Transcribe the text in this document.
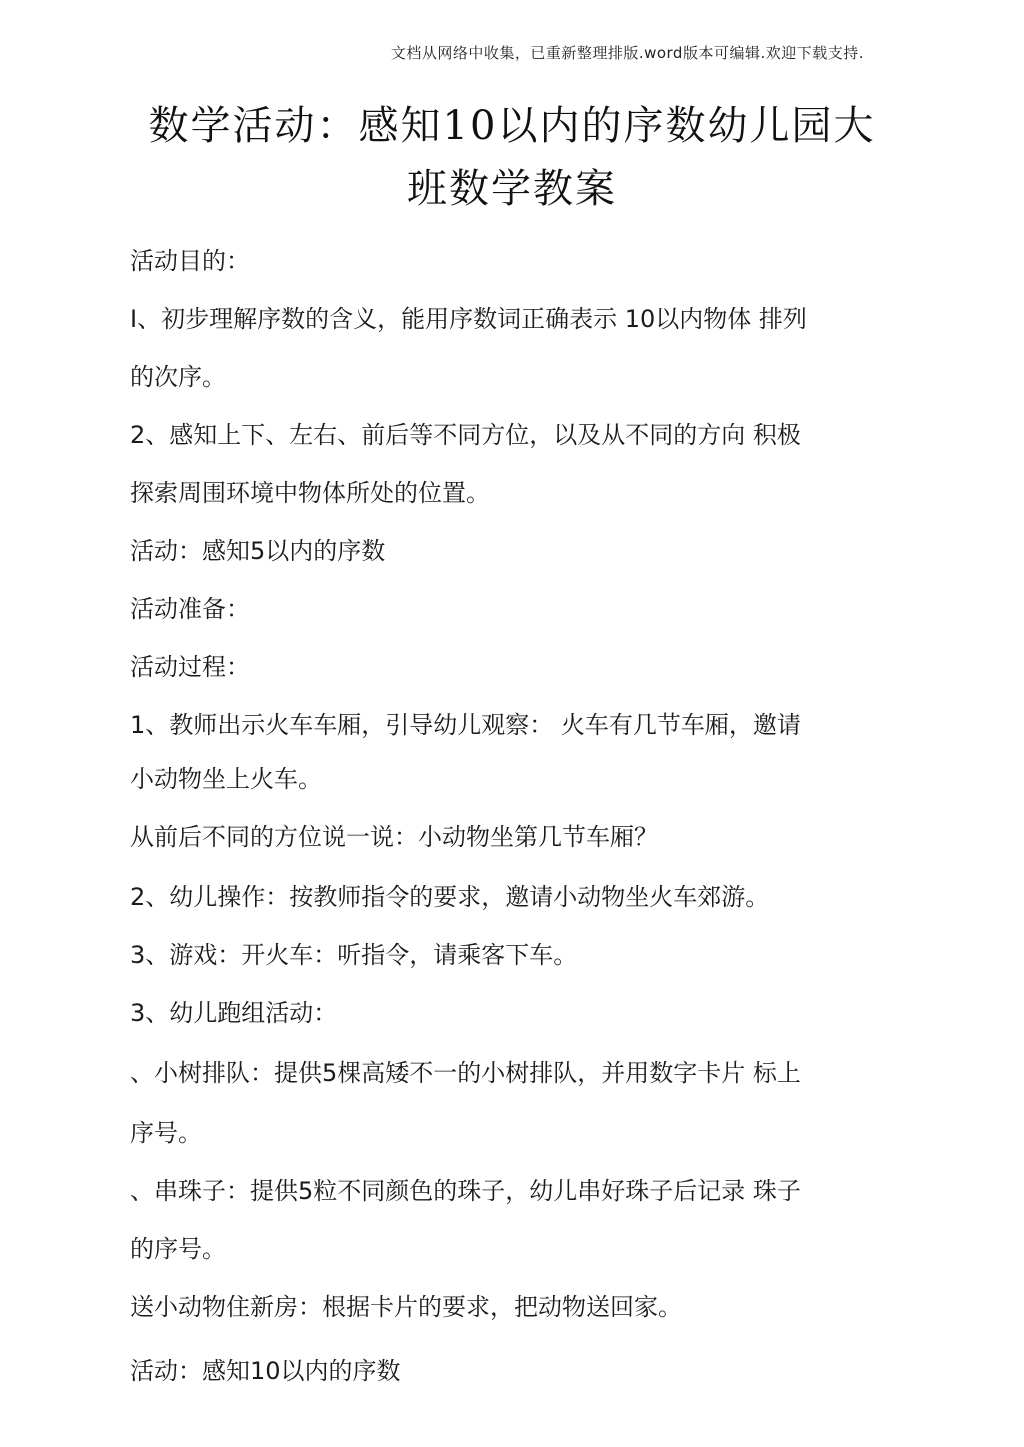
文档从网络中收集，已重新整理排版.word版本可编辑.欢迎下载支持.
数学活动：感知10以内的序数幼儿园大
班数学教案

活动目的：

I、初步理解序数的含义，能用序数词正确表示 10以内物体 排列

的次序。

2、感知上下、左右、前后等不同方位，以及从不同的方向 积极

探索周围环境中物体所处的位置。

活动：感知5以内的序数

活动准备：

活动过程：

1、教师出示火车车厢，引导幼儿观察： 火车有几节车厢，邀请

小动物坐上火车。

从前后不同的方位说一说：小动物坐第几节车厢？

2、幼儿操作：按教师指令的要求，邀请小动物坐火车郊游。

3、游戏：开火车：听指令，请乘客下车。

3、幼儿跑组活动：

、小树排队：提供5棵高矮不一的小树排队，并用数字卡片 标上

序号。

、串珠子：提供5粒不同颜色的珠子，幼儿串好珠子后记录 珠子

的序号。

送小动物住新房：根据卡片的要求，把动物送回家。

活动：感知10以内的序数
